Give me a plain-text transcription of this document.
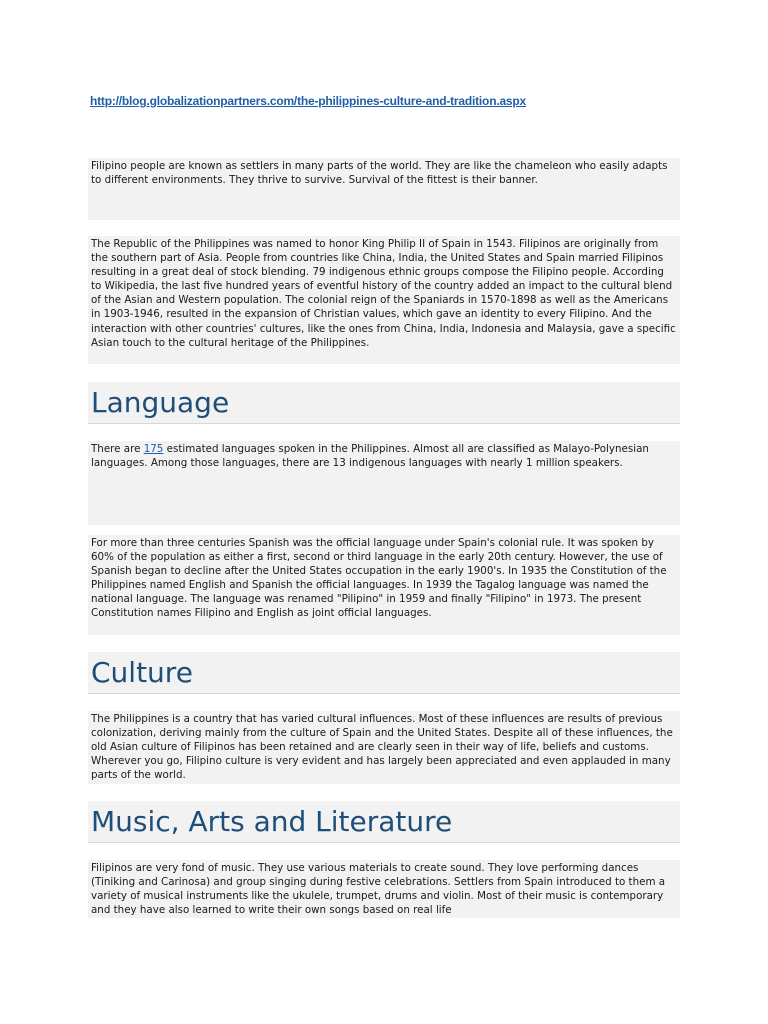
http://blog.globalizationpartners.com/the-philippines-culture-and-tradition.aspx

Filipino people are known as settlers in many parts of the world. They are like the chameleon who easily adapts to different environments. They thrive to survive. Survival of the fittest is their banner.

The Republic of the Philippines was named to honor King Philip II of Spain in 1543. Filipinos are originally from the southern part of Asia. People from countries like China, India, the United States and Spain married Filipinos resulting in a great deal of stock blending. 79 indigenous ethnic groups compose the Filipino people. According to Wikipedia, the last five hundred years of eventful history of the country added an impact to the cultural blend of the Asian and Western population. The colonial reign of the Spaniards in 1570-1898 as well as the Americans in 1903-1946, resulted in the expansion of Christian values, which gave an identity to every Filipino. And the interaction with other countries' cultures, like the ones from China, India, Indonesia and Malaysia, gave a specific Asian touch to the cultural heritage of the Philippines.

Language

There are 175 estimated languages spoken in the Philippines. Almost all are classified as Malayo-Polynesian languages. Among those languages, there are 13 indigenous languages with nearly 1 million speakers.

For more than three centuries Spanish was the official language under Spain's colonial rule. It was spoken by 60% of the population as either a first, second or third language in the early 20th century. However, the use of Spanish began to decline after the United States occupation in the early 1900's. In 1935 the Constitution of the Philippines named English and Spanish the official languages. In 1939 the Tagalog language was named the national language. The language was renamed "Pilipino" in 1959 and finally "Filipino" in 1973. The present Constitution names Filipino and English as joint official languages.

Culture

The Philippines is a country that has varied cultural influences. Most of these influences are results of previous colonization, deriving mainly from the culture of Spain and the United States. Despite all of these influences, the old Asian culture of Filipinos has been retained and are clearly seen in their way of life, beliefs and customs. Wherever you go, Filipino culture is very evident and has largely been appreciated and even applauded in many parts of the world.

Music, Arts and Literature

Filipinos are very fond of music. They use various materials to create sound. They love performing dances (Tiniking and Carinosa) and group singing during festive celebrations. Settlers from Spain introduced to them a variety of musical instruments like the ukulele, trumpet, drums and violin. Most of their music is contemporary and they have also learned to write their own songs based on real life
